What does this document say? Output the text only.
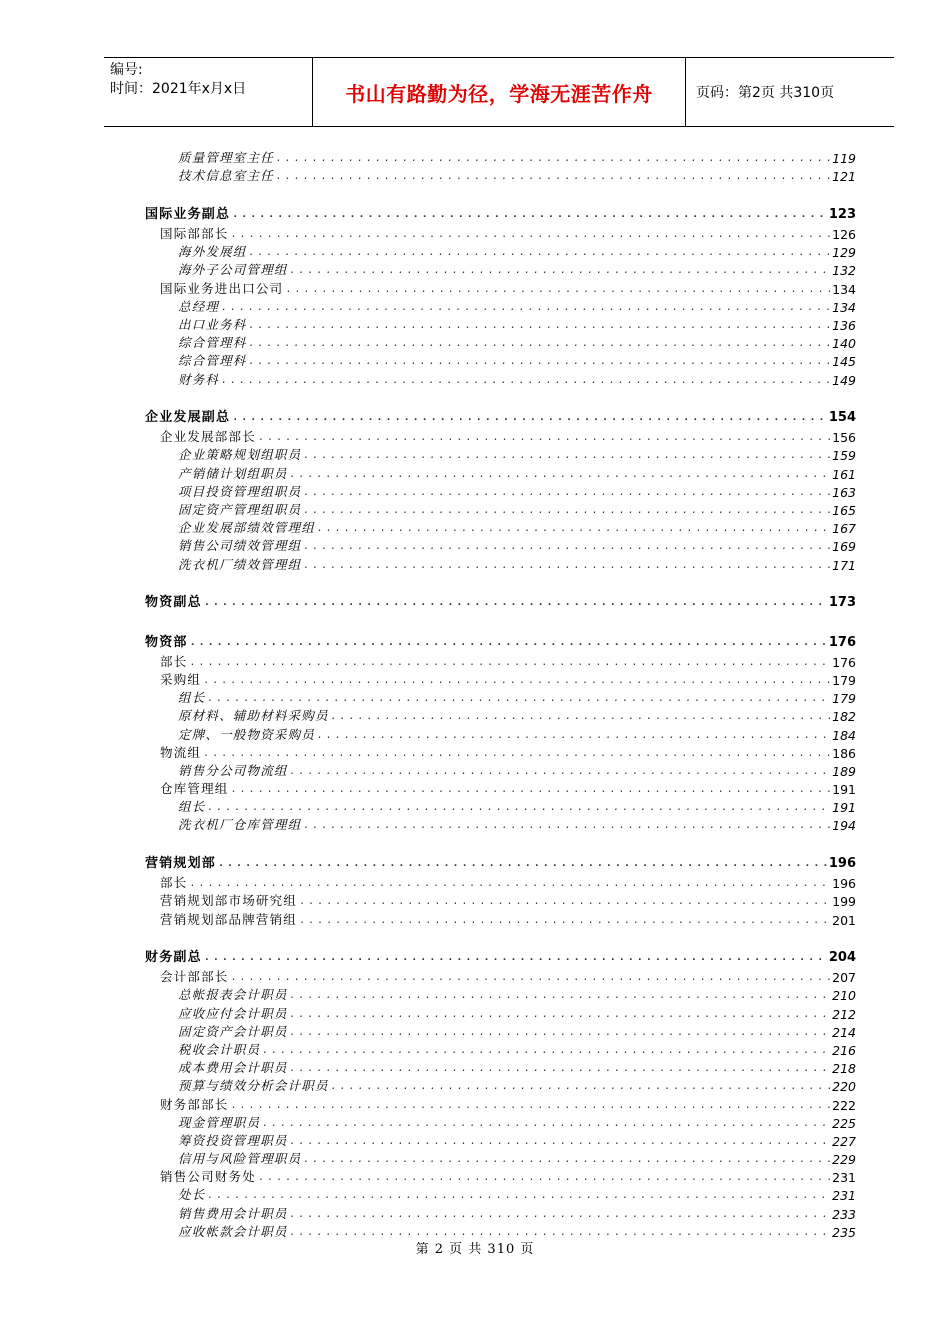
编号:
时间：2021年x月x日	书山有路勤为径，学海无涯苦作舟	页码：第2页 共310页
质量管理室主任 .....	119
技术信息室主任 .....	121
国际业务副总 .....	123
国际部部长 .....	126
海外发展组 .....	129
海外子公司管理组 .....	132
国际业务进出口公司 .....	134
总经理 .....	134
出口业务科 .....	136
综合管理科 .....	140
综合管理科 .....	145
财务科 .....	149
企业发展副总 .....	154
企业发展部部长 .....	156
企业策略规划组职员 .....	159
产销储计划组职员 .....	161
项目投资管理组职员 .....	163
固定资产管理组职员 .....	165
企业发展部绩效管理组 .....	167
销售公司绩效管理组 .....	169
洗衣机厂绩效管理组 .....	171
物资副总 .....	173
物资部 .....	176
部长 .....	176
采购组 .....	179
组长 .....	179
原材料、辅助材料采购员 .....	182
定牌、一般物资采购员 .....	184
物流组 .....	186
销售分公司物流组 .....	189
仓库管理组 .....	191
组长 .....	191
洗衣机厂仓库管理组 .....	194
营销规划部 .....	196
部长 .....	196
营销规划部市场研究组 .....	199
营销规划部品牌营销组 .....	201
财务副总 .....	204
会计部部长 .....	207
总帐报表会计职员 .....	210
应收应付会计职员 .....	212
固定资产会计职员 .....	214
税收会计职员 .....	216
成本费用会计职员 .....	218
预算与绩效分析会计职员 .....	220
财务部部长 .....	222
现金管理职员 .....	225
筹资投资管理职员 .....	227
信用与风险管理职员 .....	229
销售公司财务处 .....	231
处长 .....	231
销售费用会计职员 .....	233
应收帐款会计职员 .....	235
第 2 页 共 310 页
